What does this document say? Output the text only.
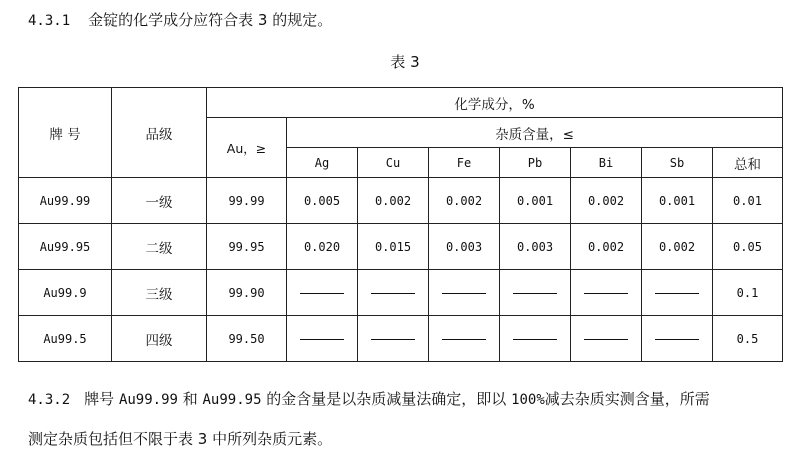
4.3.1 金锭的化学成分应符合表 3 的规定。
表 3
牌 号	品级	化学成分，%							
		Au，≥	杂质含量，≤						
			Ag	Cu	Fe	Pb	Bi	Sb	总和
Au99.99	一级	99.99	0.005	0.002	0.002	0.001	0.002	0.001	0.01
Au99.95	二级	99.95	0.020	0.015	0.003	0.003	0.002	0.002	0.05
Au99.9	三级	99.90							0.1
Au99.5	四级	99.50							0.5
4.3.2 牌号 Au99.99 和 Au99.95 的金含量是以杂质减量法确定，即以 100%减去杂质实测含量，所需
测定杂质包括但不限于表 3 中所列杂质元素。
